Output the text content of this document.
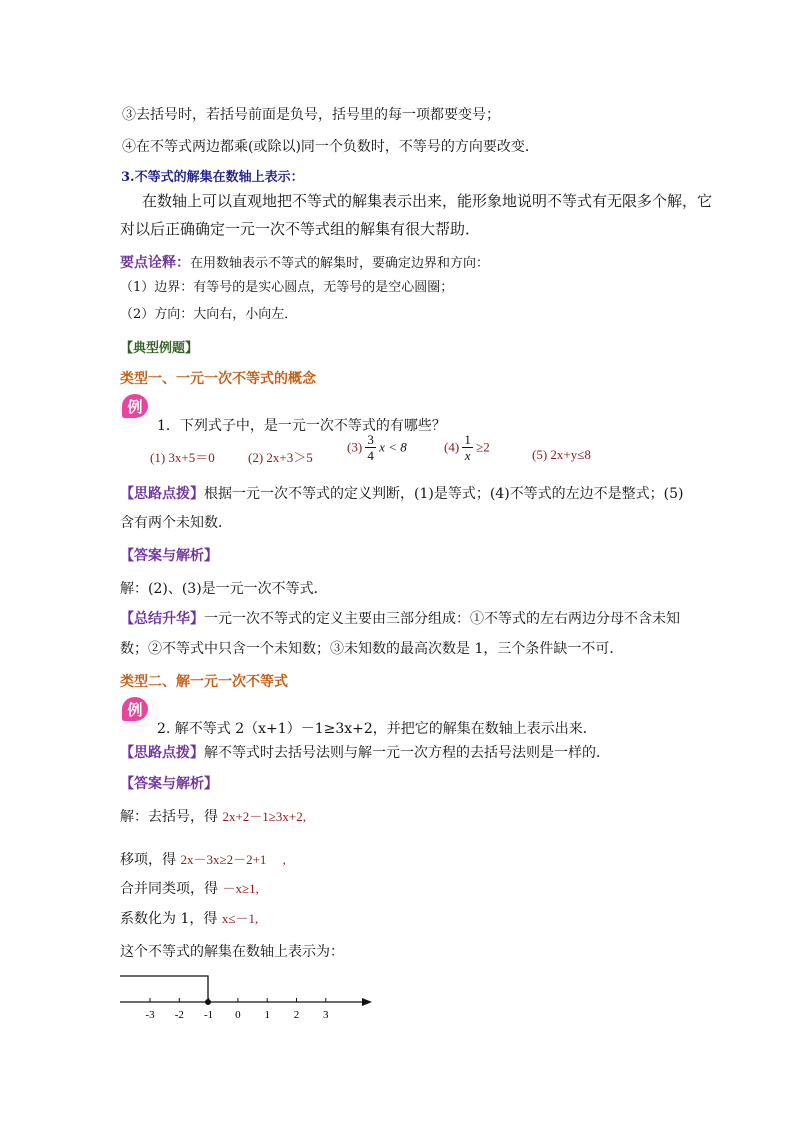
③去括号时，若括号前面是负号，括号里的每一项都要变号；
④在不等式两边都乘(或除以)同一个负数时，不等号的方向要改变．
3.不等式的解集在数轴上表示：
在数轴上可以直观地把不等式的解集表示出来，能形象地说明不等式有无限多个解，它
对以后正确确定一元一次不等式组的解集有很大帮助．
要点诠释：在用数轴表示不等式的解集时，要确定边界和方向：
（1）边界：有等号的是实心圆点，无等号的是空心圆圈；
（2）方向：大向右，小向左．
【典型例题】
类型一、一元一次不等式的概念
例
1．下列式子中，是一元一次不等式的有哪些？
(1) 3x+5＝0	(2) 2x+3＞5
$(3) \frac{3}{4}$ x < 8	$(4) \frac{1}{x} \ge 2$	(5) 2x+y≤8
【思路点拨】根据一元一次不等式的定义判断，(1)是等式；(4)不等式的左边不是整式；(5)
含有两个未知数．
【答案与解析】
解：(2)、(3)是一元一次不等式．
【总结升华】一元一次不等式的定义主要由三部分组成：①不等式的左右两边分母不含未知
数；②不等式中只含一个未知数；③未知数的最高次数是 1，三个条件缺一不可．
类型二、解一元一次不等式
例
2. 解不等式 2（x+1）－1≥3x+2，并把它的解集在数轴上表示出来．
【思路点拨】解不等式时去括号法则与解一元一次方程的去括号法则是一样的．
【答案与解析】
解：去括号，得 2x+2－1≥3x+2,
移项，得 2x－3x≥2－2+1     ,
合并同类项，得 －x≥1,
系数化为 1，得 x≤－1,
这个不等式的解集在数轴上表示为：
-3 -2 -1 0 1 2 3
